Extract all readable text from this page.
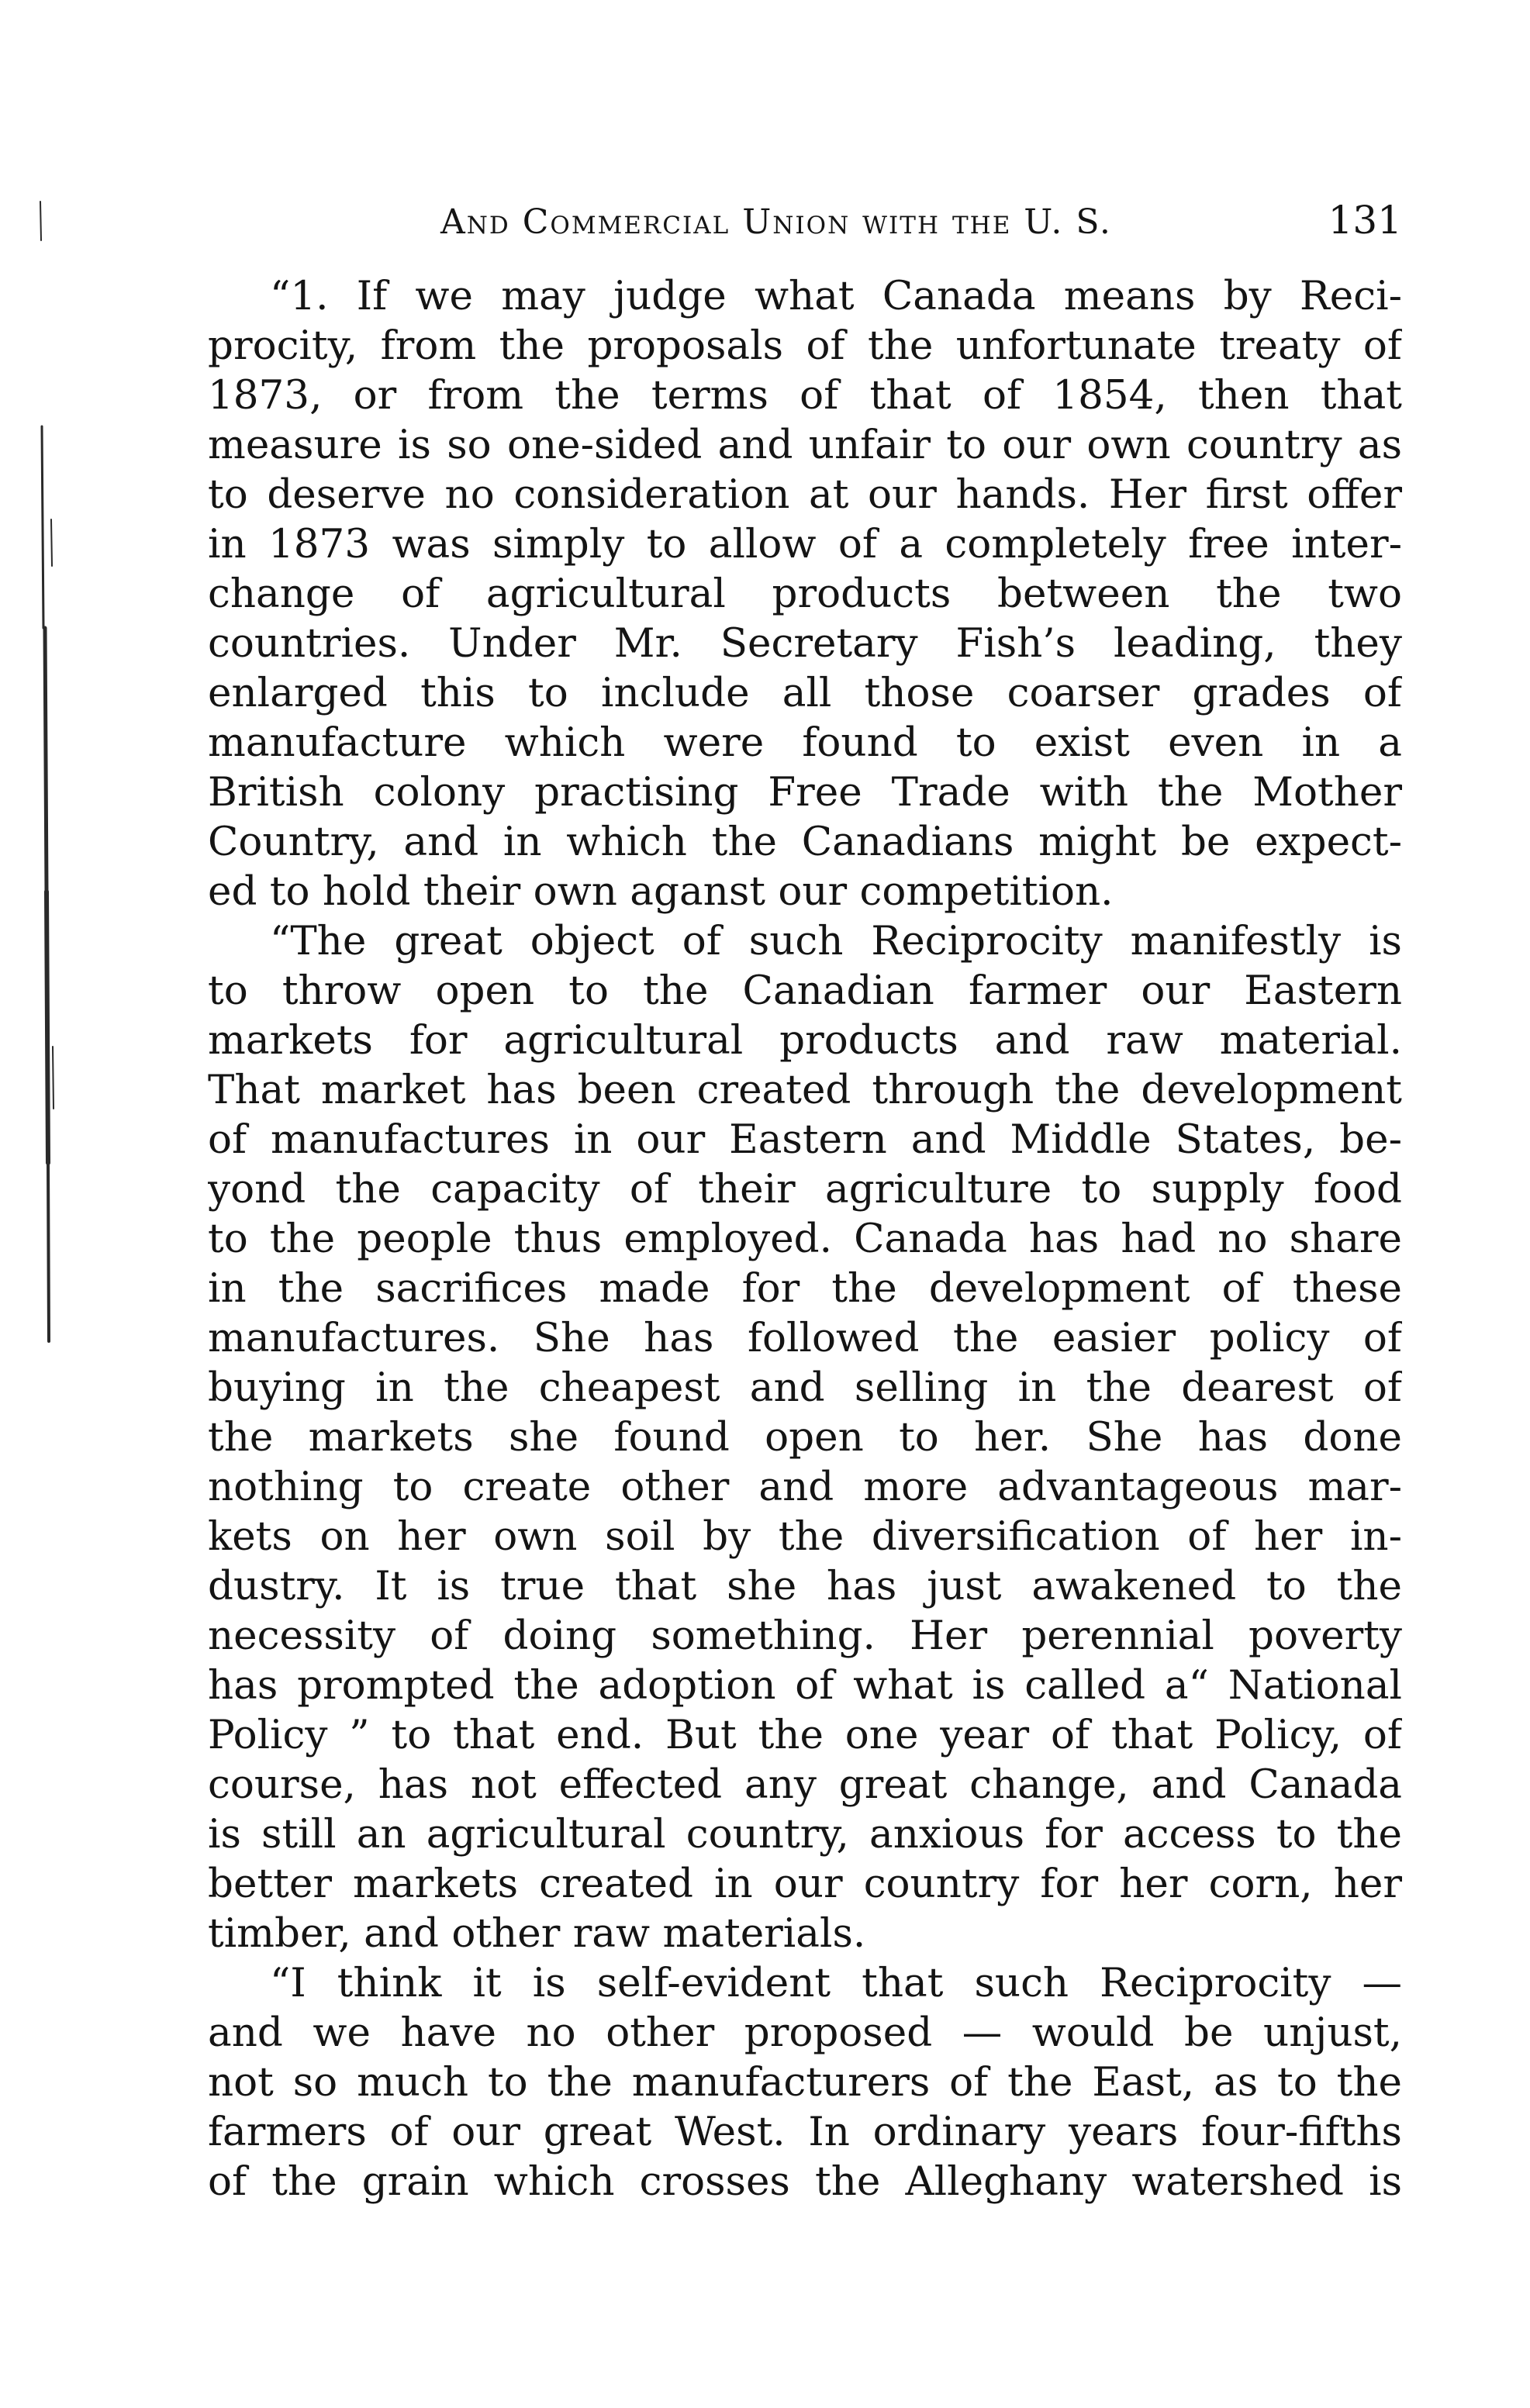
And Commercial Union with the U. S.	131
“1. If we may judge what Canada means by Reci-
procity, from the proposals of the unfortunate treaty of
1873, or from the terms of that of 1854, then that
measure is so one-sided and unfair to our own country as
to deserve no consideration at our hands. Her first offer
in 1873 was simply to allow of a completely free inter-
change of agricultural products between the two
countries. Under Mr. Secretary Fish’s leading, they
enlarged this to include all those coarser grades of
manufacture which were found to exist even in a
British colony practising Free Trade with the Mother
Country, and in which the Canadians might be expect-
ed to hold their own aganst our competition.
“The great object of such Reciprocity manifestly is
to throw open to the Canadian farmer our Eastern
markets for agricultural products and raw material.
That market has been created through the development
of manufactures in our Eastern and Middle States, be-
yond the capacity of their agriculture to supply food
to the people thus employed. Canada has had no share
in the sacrifices made for the development of these
manufactures. She has followed the easier policy of
buying in the cheapest and selling in the dearest of
the markets she found open to her. She has done
nothing to create other and more advantageous mar-
kets on her own soil by the diversification of her in-
dustry. It is true that she has just awakened to the
necessity of doing something. Her perennial poverty
has prompted the adoption of what is called a“ National
Policy ” to that end. But the one year of that Policy, of
course, has not effected any great change, and Canada
is still an agricultural country, anxious for access to the
better markets created in our country for her corn, her
timber, and other raw materials.
“I think it is self-evident that such Reciprocity —
and we have no other proposed — would be unjust,
not so much to the manufacturers of the East, as to the
farmers of our great West. In ordinary years four-fifths
of the grain which crosses the Alleghany watershed is
